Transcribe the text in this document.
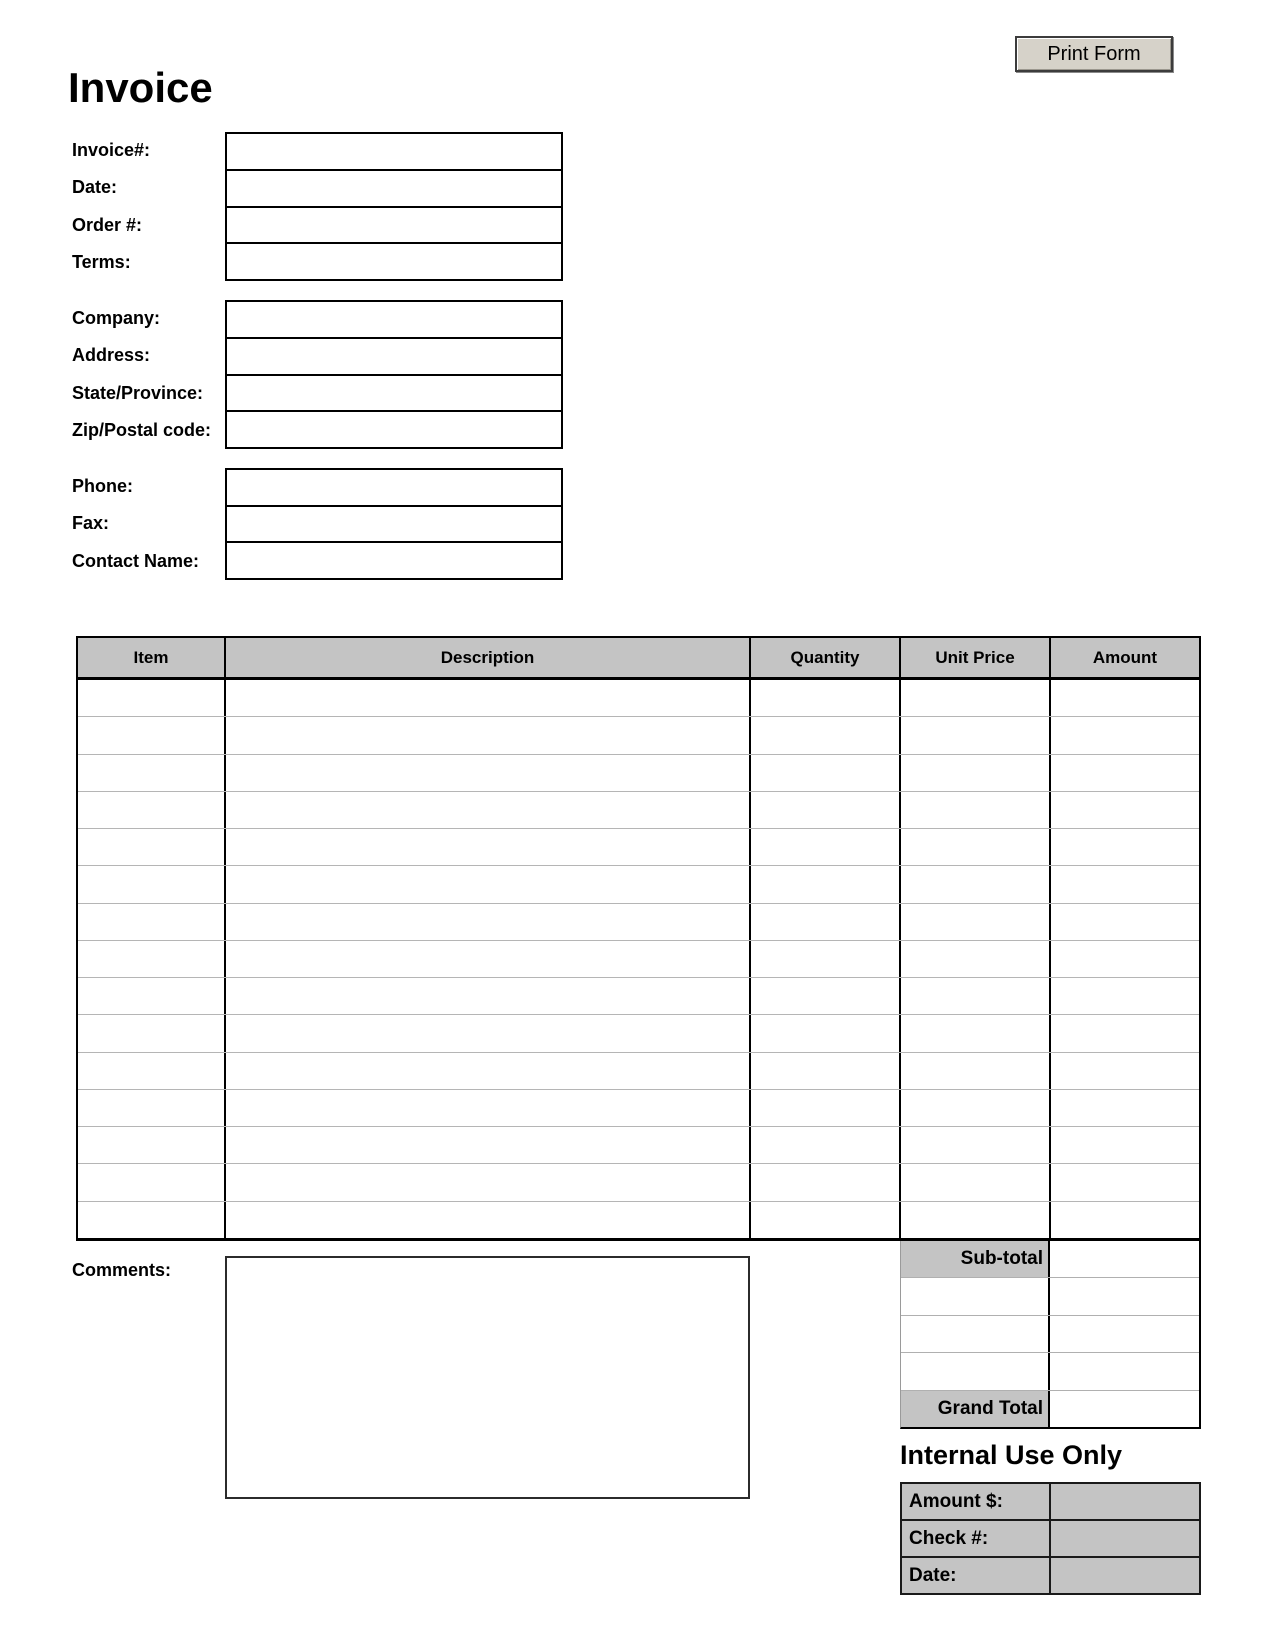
Print Form
Invoice
Invoice#:
Date:
Order #:
Terms:
Company:
Address:
State/Province:
Zip/Postal code:
Phone:
Fax:
Contact Name:
Item	Description	Quantity	Unit Price	Amount
Comments:
Sub-total
Grand Total
Internal Use Only
Amount $:
Check #:
Date:
